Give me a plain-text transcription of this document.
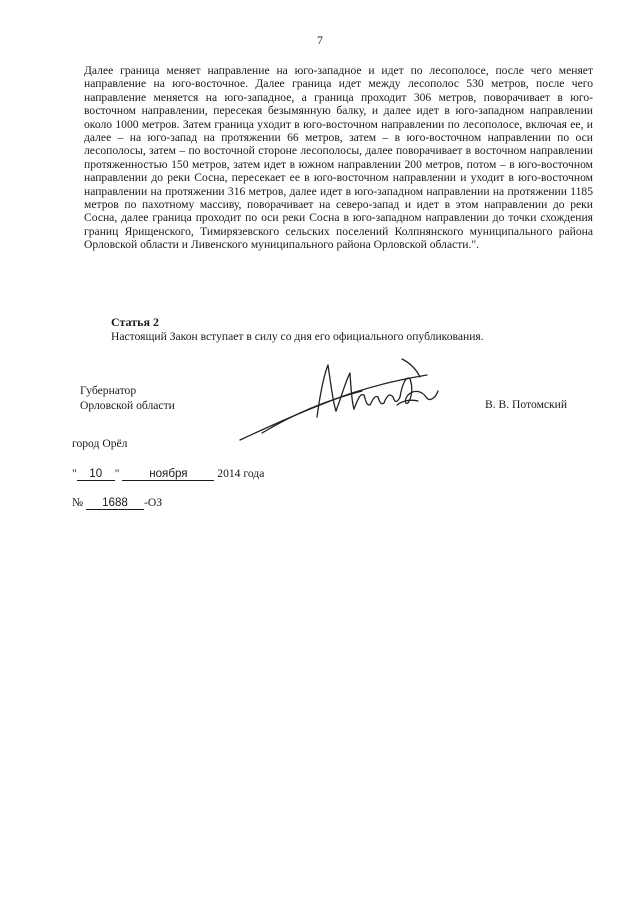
7

Далее граница меняет направление на юго-западное и идет по лесополосе, после чего меняет направление на юго-восточное. Далее граница идет между лесополос 530 метров, после чего направление меняется на юго-западное, а граница проходит 306 метров, поворачивает в юго-восточном направлении, пересекая безымянную балку, и далее идет в юго-западном направлении около 1000 метров. Затем граница уходит в юго-восточном направлении по лесополосе, включая ее, и далее – на юго-запад на протяжении 66 метров, затем – в юго-восточном направлении по оси лесополосы, затем – по восточной стороне лесополосы, далее поворачивает в восточном направлении протяженностью 150 метров, затем идет в южном направлении 200 метров, потом – в юго-восточном направлении до реки Сосна, пересекает ее в юго-восточном направлении и уходит в юго-восточном направлении на протяжении 316 метров, далее идет в юго-западном направлении на протяжении 1185 метров по пахотному массиву, поворачивает на северо-запад и идет в этом направлении до реки Сосна, далее граница проходит по оси реки Сосна в юго-западном направлении до точки схождения границ Ярищенского, Тимирязевского сельских поселений Колпнянского муниципального района Орловской области и Ливенского муниципального района Орловской области.".

Статья 2

Настоящий Закон вступает в силу со дня его официального опубликования.

Губернатор
Орловской области	В. В. Потомский
город Орёл
" 10 "	ноября	2014 года
№ 1688 -ОЗ
